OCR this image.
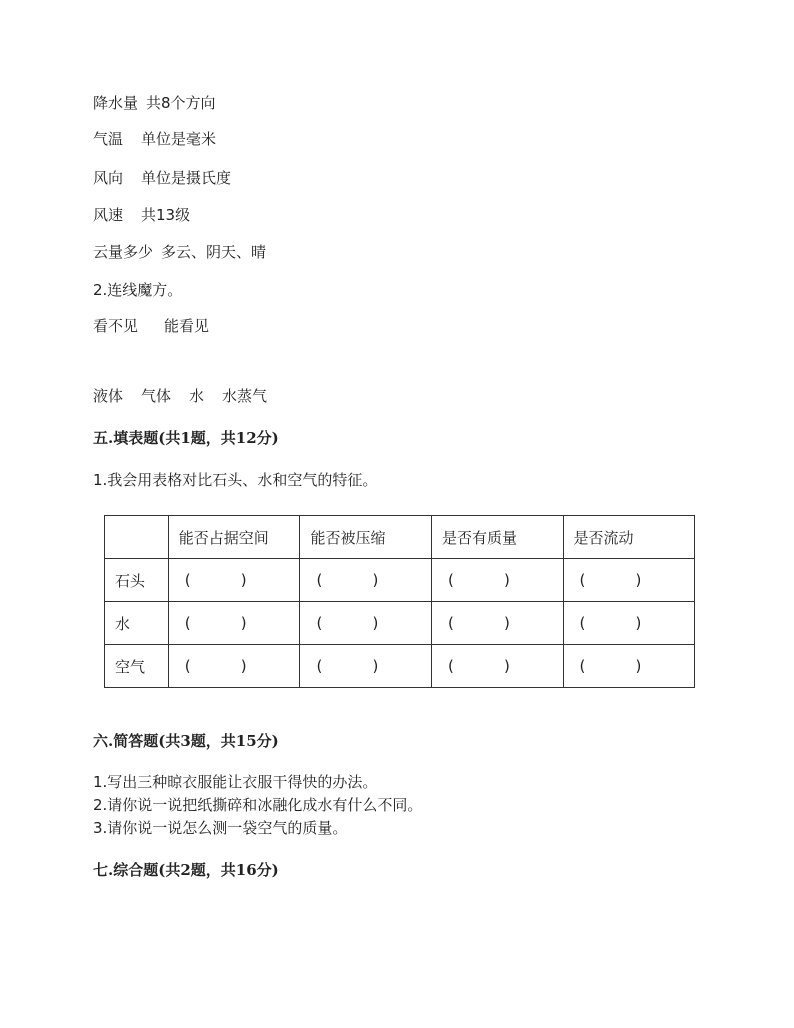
降水量 共8个方向
气温 单位是毫米
风向 单位是摄氏度
风速 共13级
云量多少 多云、阴天、晴
2.连线魔方。
看不见 能看见
液体 气体 水 水蒸气
五.填表题(共1题，共12分)
1.我会用表格对比石头、水和空气的特征。
	能否占据空间	能否被压缩	是否有质量	是否流动
石头	( )	( )	( )	( )
水	( )	( )	( )	( )
空气	( )	( )	( )	( )
六.简答题(共3题，共15分)
1.写出三种晾衣服能让衣服干得快的办法。
2.请你说一说把纸撕碎和冰融化成水有什么不同。
3.请你说一说怎么测一袋空气的质量。
七.综合题(共2题，共16分)
